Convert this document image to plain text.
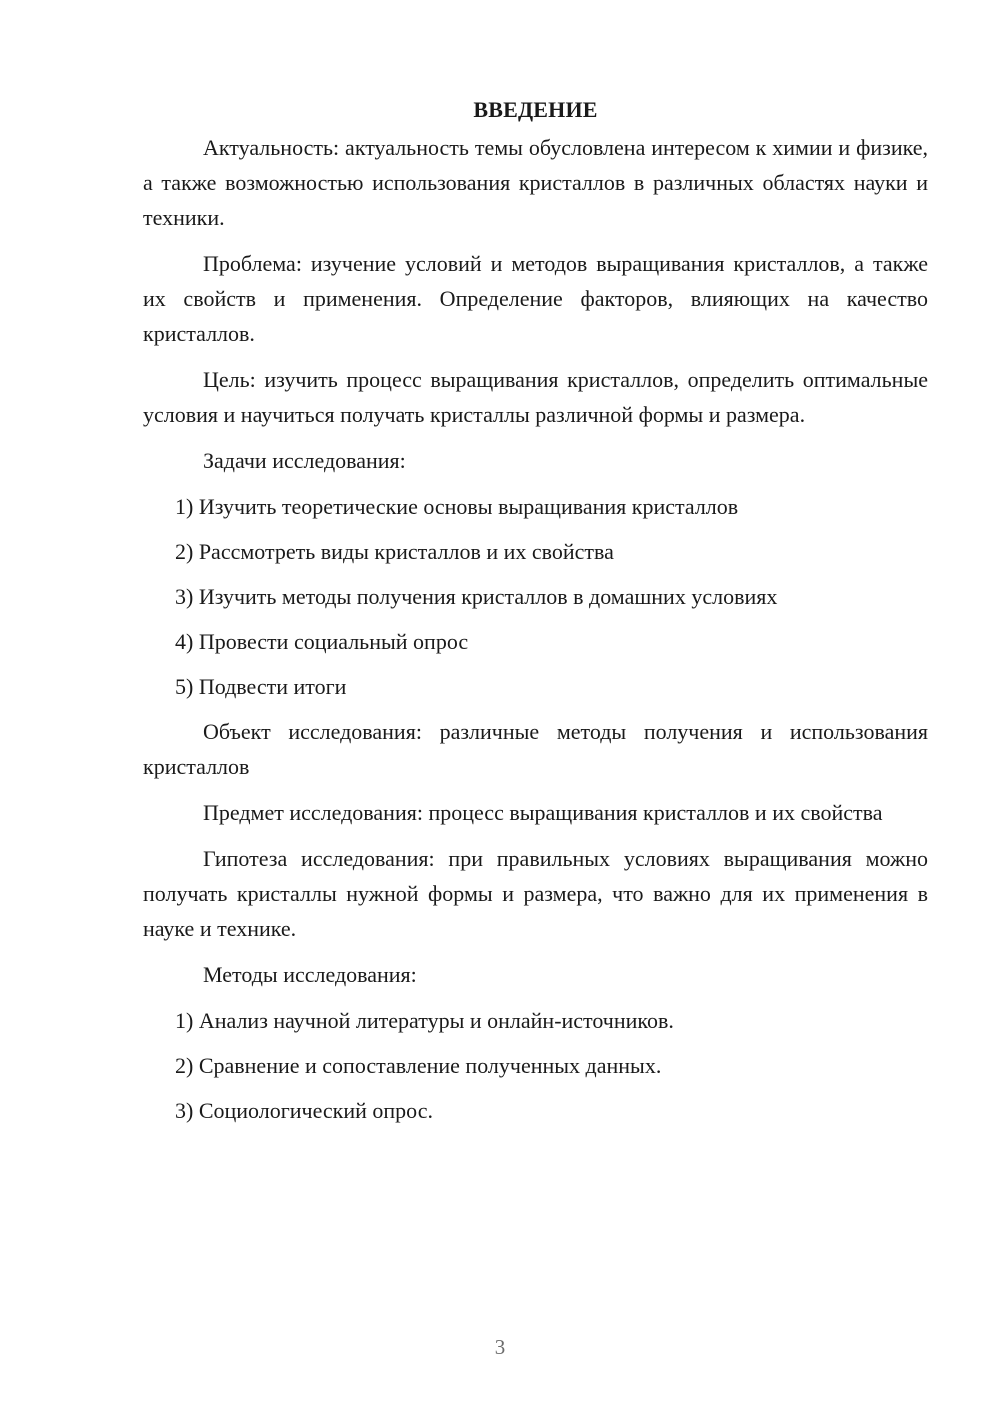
ВВЕДЕНИЕ

Актуальность: актуальность темы обусловлена интересом к химии и физике, а также возможностью использования кристаллов в различных областях науки и техники.

Проблема: изучение условий и методов выращивания кристаллов, а также их свойств и применения. Определение факторов, влияющих на качество кристаллов.

Цель: изучить процесс выращивания кристаллов, определить оптимальные условия и научиться получать кристаллы различной формы и размера.

Задачи исследования:

1) Изучить теоретические основы выращивания кристаллов
2) Рассмотреть виды кристаллов и их свойства
3) Изучить методы получения кристаллов в домашних условиях
4) Провести социальный опрос
5) Подвести итоги

Объект исследования: различные методы получения и использования кристаллов

Предмет исследования: процесс выращивания кристаллов и их свойства

Гипотеза исследования: при правильных условиях выращивания можно получать кристаллы нужной формы и размера, что важно для их применения в науке и технике.

Методы исследования:

1) Анализ научной литературы и онлайн-источников.
2) Сравнение и сопоставление полученных данных.
3) Социологический опрос.
3
